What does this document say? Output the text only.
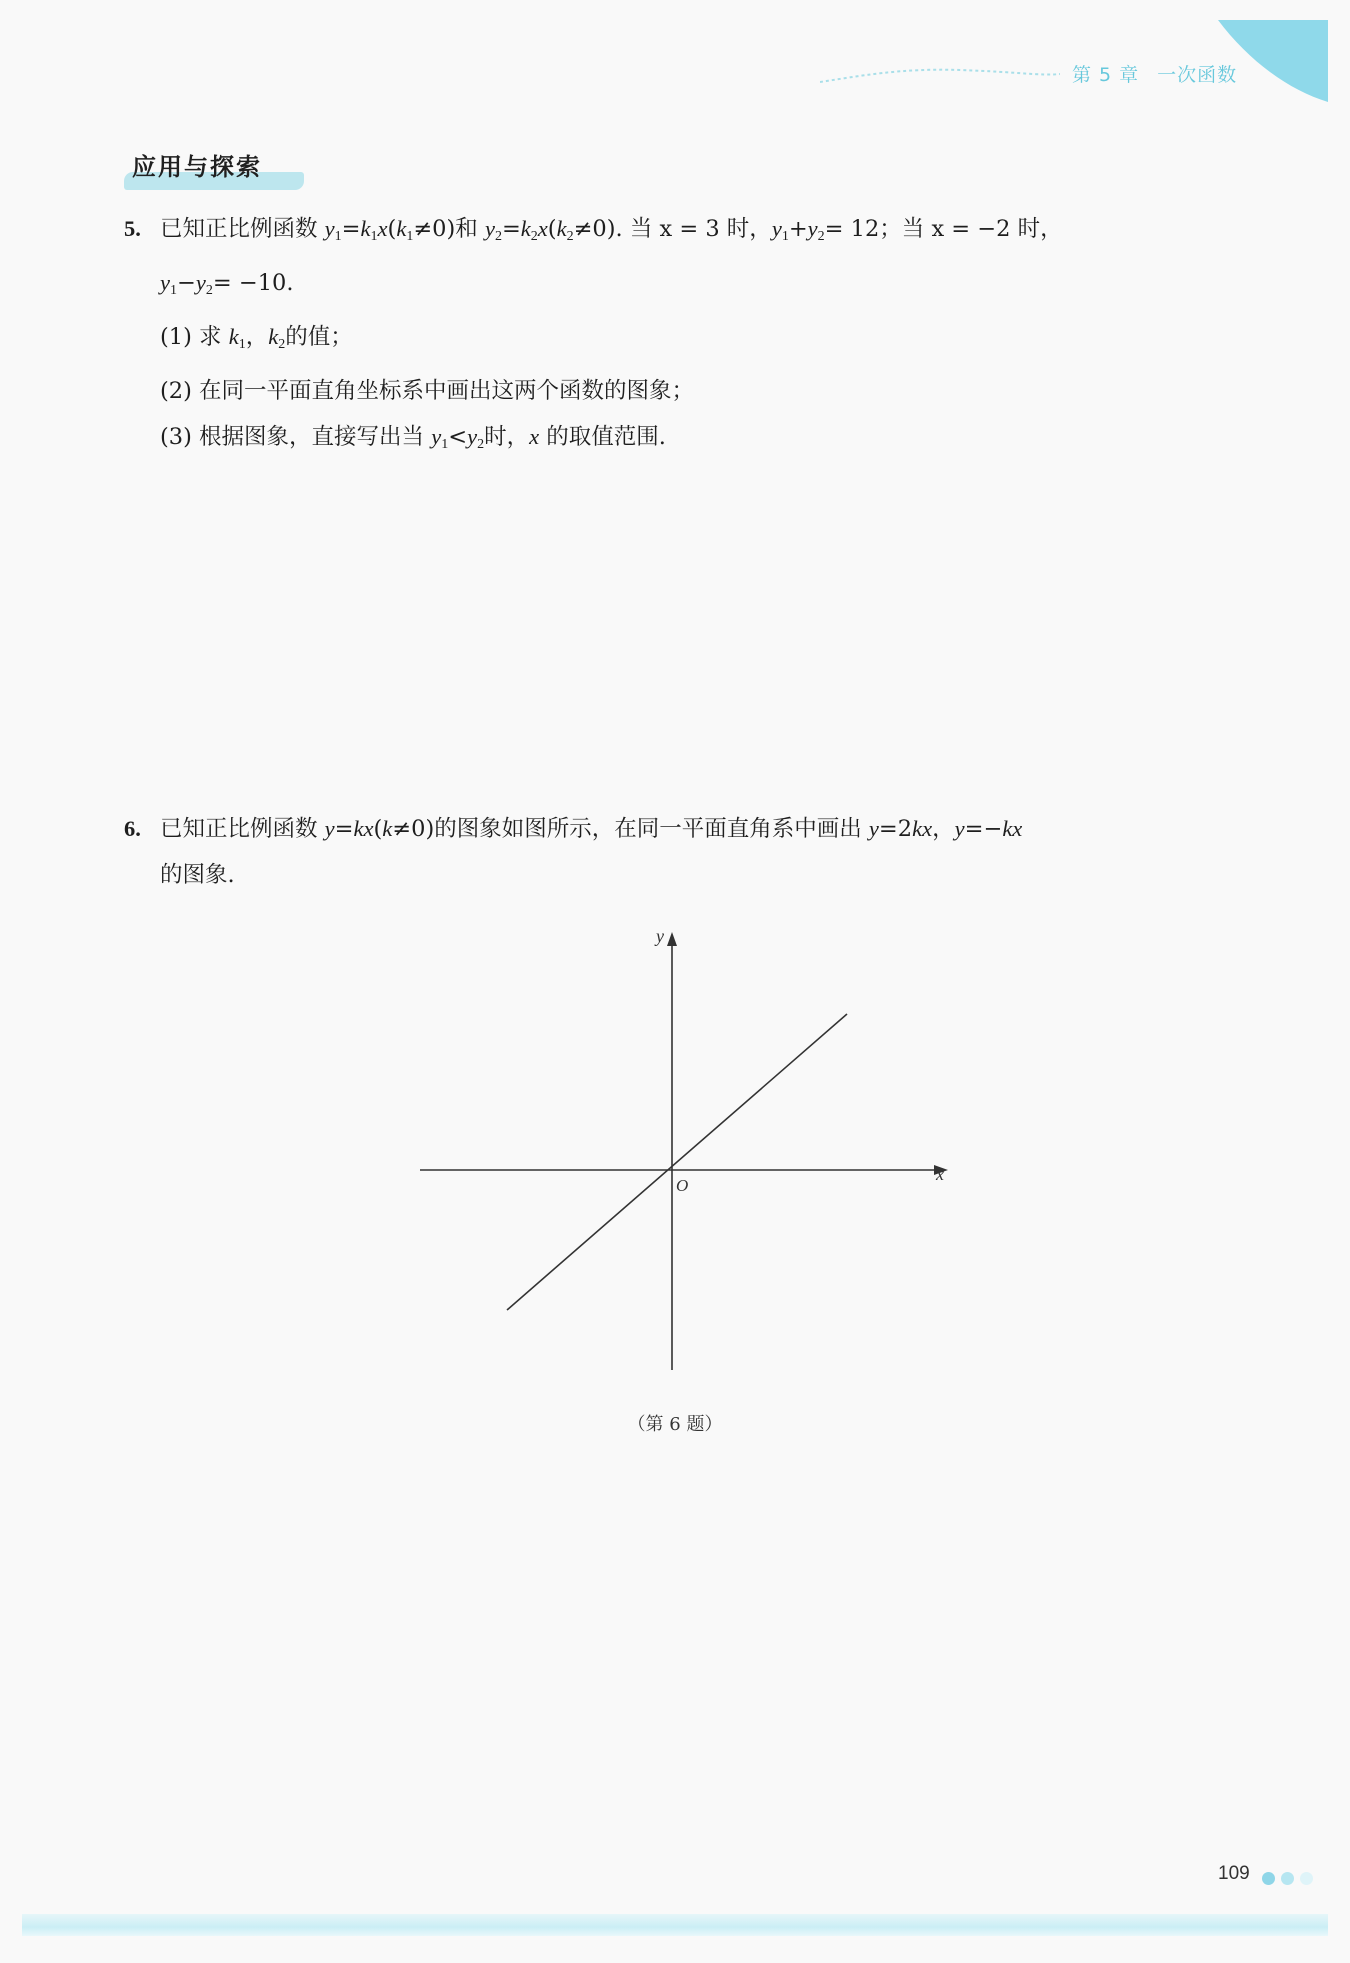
第 5 章 一次函数
应用与探索
5. 已知正比例函数 $y_1=k_1x(k_1\ne 0)$和 $y_2=k_2x(k_2\ne 0)$. 当 x = 3 时，$y_1+y_2= 12$；当 x = −2 时，
$y_1-y_2= -10$.
(1) 求 $k_1$，$k_2$的值；
(2) 在同一平面直角坐标系中画出这两个函数的图象；
(3) 根据图象，直接写出当 $y_1<y_2$时，x 的取值范围.
6. 已知正比例函数 y=kx(k≠0)的图象如图所示，在同一平面直角系中画出 y=2kx，y=−kx
的图象.
x
y
O
（第 6 题）
109
